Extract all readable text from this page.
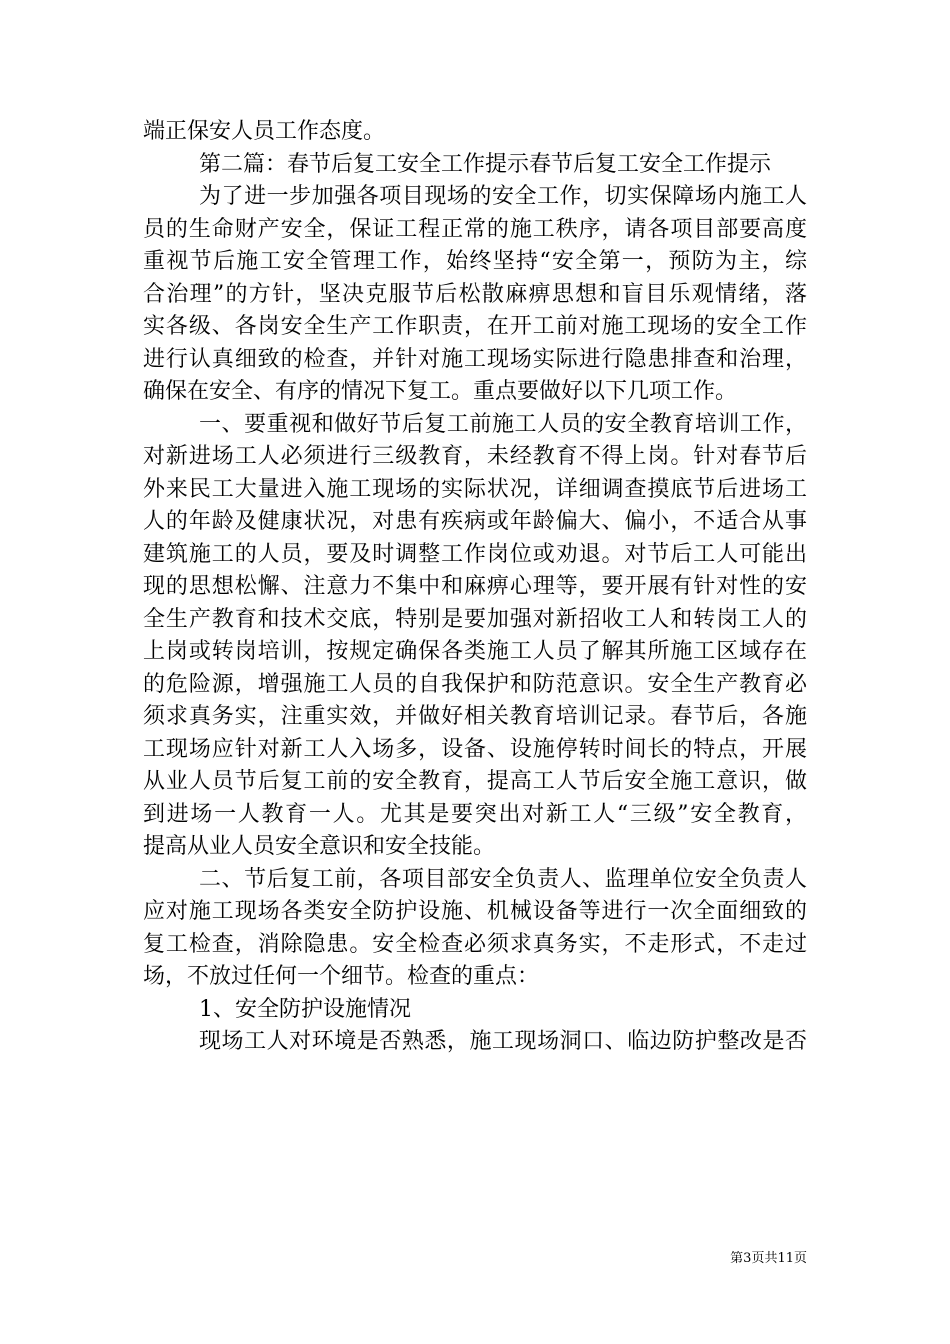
端正保安人员工作态度。
第二篇：春节后复工安全工作提示春节后复工安全工作提示
为了进一步加强各项目现场的安全工作，切实保障场内施工人
员的生命财产安全，保证工程正常的施工秩序，请各项目部要高度
重视节后施工安全管理工作，始终坚持“安全第一，预防为主，综
合治理”的方针，坚决克服节后松散麻痹思想和盲目乐观情绪，落
实各级、各岗安全生产工作职责，在开工前对施工现场的安全工作
进行认真细致的检查，并针对施工现场实际进行隐患排查和治理，
确保在安全、有序的情况下复工。重点要做好以下几项工作。
一、要重视和做好节后复工前施工人员的安全教育培训工作，
对新进场工人必须进行三级教育，未经教育不得上岗。针对春节后
外来民工大量进入施工现场的实际状况，详细调查摸底节后进场工
人的年龄及健康状况，对患有疾病或年龄偏大、偏小，不适合从事
建筑施工的人员，要及时调整工作岗位或劝退。对节后工人可能出
现的思想松懈、注意力不集中和麻痹心理等，要开展有针对性的安
全生产教育和技术交底，特别是要加强对新招收工人和转岗工人的
上岗或转岗培训，按规定确保各类施工人员了解其所施工区域存在
的危险源，增强施工人员的自我保护和防范意识。安全生产教育必
须求真务实，注重实效，并做好相关教育培训记录。春节后，各施
工现场应针对新工人入场多，设备、设施停转时间长的特点，开展
从业人员节后复工前的安全教育，提高工人节后安全施工意识，做
到进场一人教育一人。尤其是要突出对新工人“三级”安全教育，
提高从业人员安全意识和安全技能。
二、节后复工前，各项目部安全负责人、监理单位安全负责人
应对施工现场各类安全防护设施、机械设备等进行一次全面细致的
复工检查，消除隐患。安全检查必须求真务实，不走形式，不走过
场，不放过任何一个细节。检查的重点：
1、安全防护设施情况
现场工人对环境是否熟悉，施工现场洞口、临边防护整改是否
第3页共11页
